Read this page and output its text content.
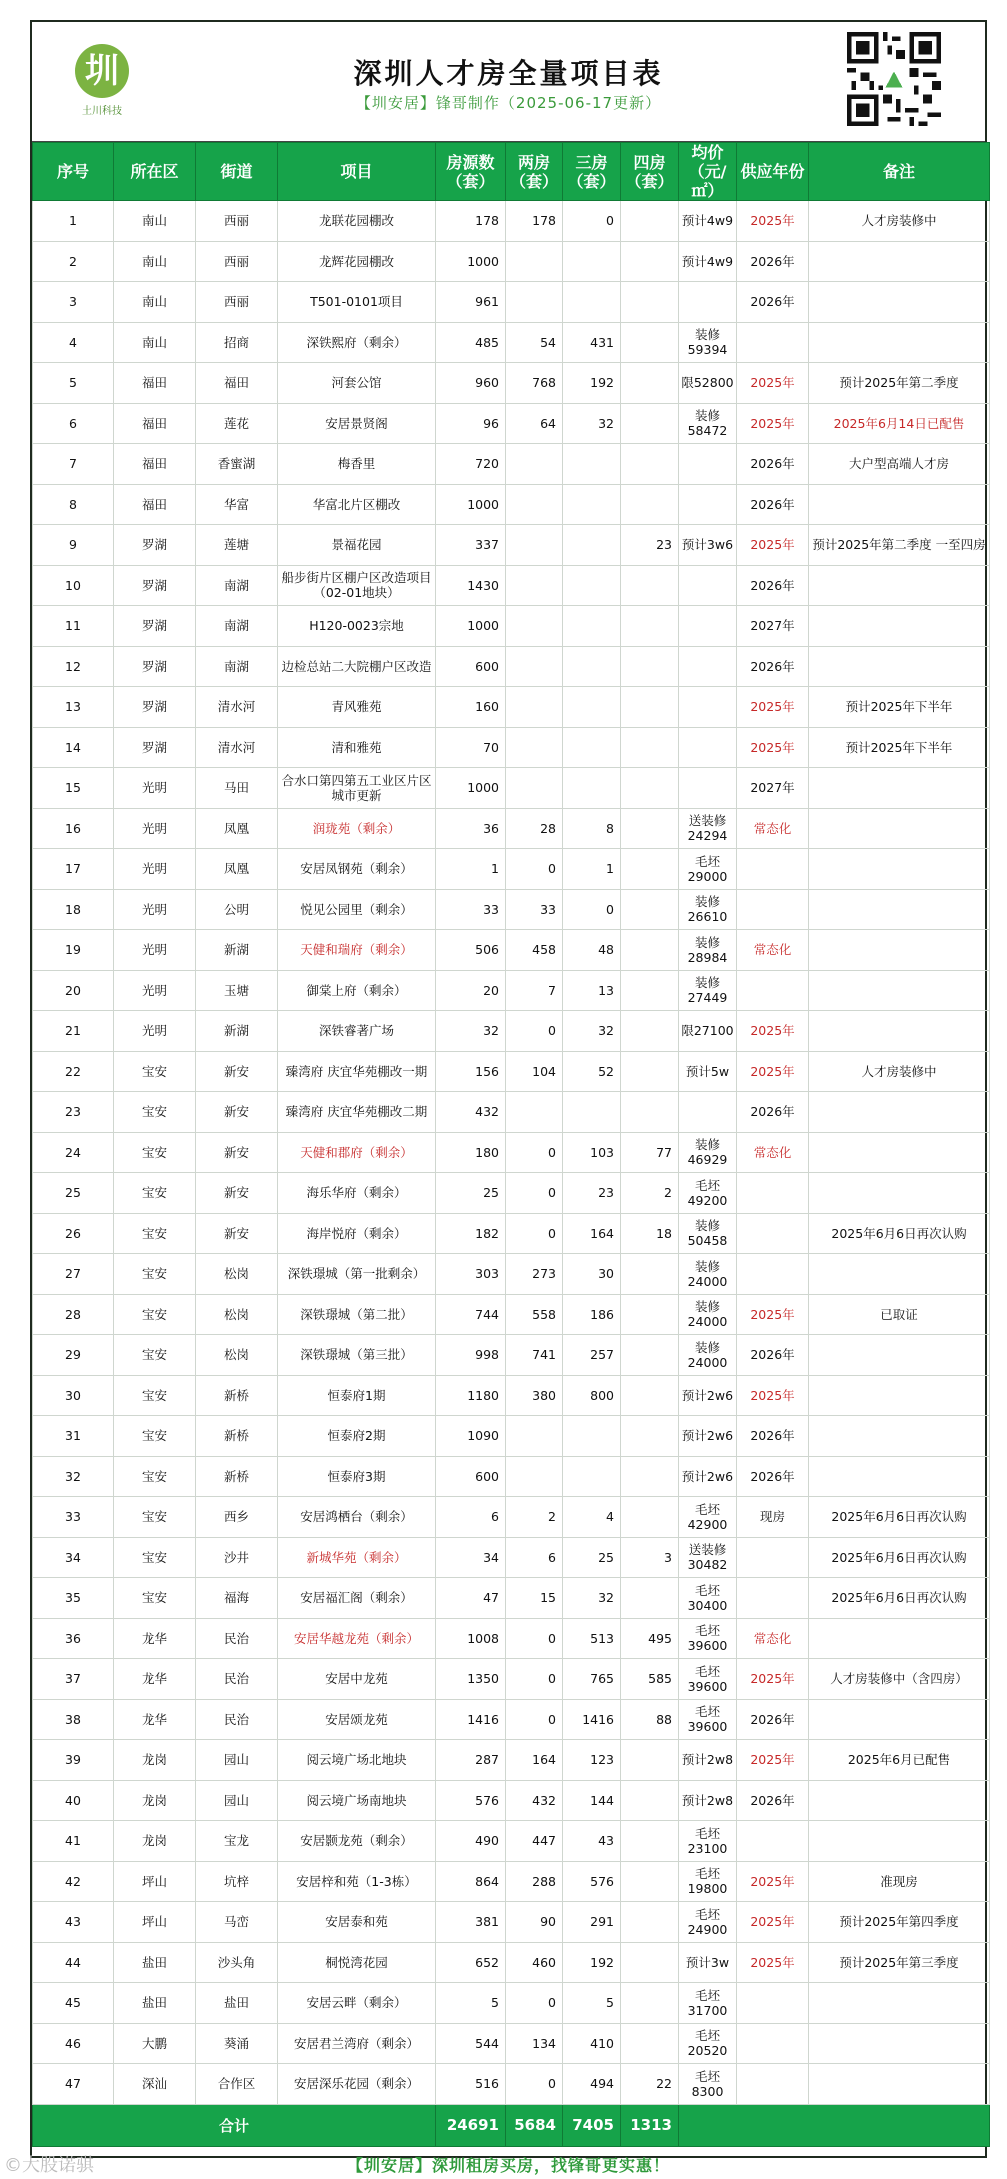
圳
土川科技
深圳人才房全量项目表
【圳安居】锋哥制作（2025-06-17更新）
序号	所在区	街道	项目	房源数（套）	两房（套）	三房（套）	四房（套）	均价（元/㎡）	供应年份	备注
1	南山	西丽	龙联花园棚改	178	178	0		预计4w9	2025年	人才房装修中
2	南山	西丽	龙辉花园棚改	1000				预计4w9	2026年	
3	南山	西丽	T501-0101项目	961					2026年	
4	南山	招商	深铁熙府（剩余）	485	54	431		装修 59394		
5	福田	福田	河套公馆	960	768	192		限52800	2025年	预计2025年第二季度
6	福田	莲花	安居景贤阁	96	64	32		装修 58472	2025年	2025年6月14日已配售
7	福田	香蜜湖	梅香里	720					2026年	大户型高端人才房
8	福田	华富	华富北片区棚改	1000					2026年	
9	罗湖	莲塘	景福花园	337			23	预计3w6	2025年	预计2025年第二季度 一至四房
10	罗湖	南湖	船步街片区棚户区改造项目（02-01地块）	1430					2026年	
11	罗湖	南湖	H120-0023宗地	1000					2027年	
12	罗湖	南湖	边检总站二大院棚户区改造	600					2026年	
13	罗湖	清水河	青风雅苑	160					2025年	预计2025年下半年
14	罗湖	清水河	清和雅苑	70					2025年	预计2025年下半年
15	光明	马田	合水口第四第五工业区片区城市更新	1000					2027年	
16	光明	凤凰	润珑苑（剩余）	36	28	8		送装修 24294	常态化	
17	光明	凤凰	安居凤钢苑（剩余）	1	0	1		毛坯 29000		
18	光明	公明	悦见公园里（剩余）	33	33	0		装修 26610		
19	光明	新湖	天健和瑞府（剩余）	506	458	48		装修 28984	常态化	
20	光明	玉塘	御棠上府（剩余）	20	7	13		装修 27449		
21	光明	新湖	深铁睿著广场	32	0	32		限27100	2025年	
22	宝安	新安	臻湾府 庆宜华苑棚改一期	156	104	52		预计5w	2025年	人才房装修中
23	宝安	新安	臻湾府 庆宜华苑棚改二期	432					2026年	
24	宝安	新安	天健和郡府（剩余）	180	0	103	77	装修 46929	常态化	
25	宝安	新安	海乐华府（剩余）	25	0	23	2	毛坯 49200		
26	宝安	新安	海岸悦府（剩余）	182	0	164	18	装修 50458		2025年6月6日再次认购
27	宝安	松岗	深铁璟城（第一批剩余）	303	273	30		装修 24000		
28	宝安	松岗	深铁璟城（第二批）	744	558	186		装修 24000	2025年	已取证
29	宝安	松岗	深铁璟城（第三批）	998	741	257		装修 24000	2026年	
30	宝安	新桥	恒泰府1期	1180	380	800		预计2w6	2025年	
31	宝安	新桥	恒泰府2期	1090				预计2w6	2026年	
32	宝安	新桥	恒泰府3期	600				预计2w6	2026年	
33	宝安	西乡	安居鸿栖台（剩余）	6	2	4		毛坯 42900	现房	2025年6月6日再次认购
34	宝安	沙井	新城华苑（剩余）	34	6	25	3	送装修 30482		2025年6月6日再次认购
35	宝安	福海	安居福汇阁（剩余）	47	15	32		毛坯 30400		2025年6月6日再次认购
36	龙华	民治	安居华越龙苑（剩余）	1008	0	513	495	毛坯 39600	常态化	
37	龙华	民治	安居中龙苑	1350	0	765	585	毛坯 39600	2025年	人才房装修中（含四房）
38	龙华	民治	安居颂龙苑	1416	0	1416	88	毛坯 39600	2026年	
39	龙岗	园山	阅云境广场北地块	287	164	123		预计2w8	2025年	2025年6月已配售
40	龙岗	园山	阅云境广场南地块	576	432	144		预计2w8	2026年	
41	龙岗	宝龙	安居颢龙苑（剩余）	490	447	43		毛坯 23100		
42	坪山	坑梓	安居梓和苑（1-3栋）	864	288	576		毛坯 19800	2025年	准现房
43	坪山	马峦	安居泰和苑	381	90	291		毛坯 24900	2025年	预计2025年第四季度
44	盐田	沙头角	桐悦湾花园	652	460	192		预计3w	2025年	预计2025年第三季度
45	盐田	盐田	安居云畔（剩余）	5	0	5		毛坯 31700		
46	大鹏	葵涌	安居君兰湾府（剩余）	544	134	410		毛坯 20520		
47	深汕	合作区	安居深乐花园（剩余）	516	0	494	22	毛坯8300		
合计				24691	5684	7405	1313			
【圳安居】深圳租房买房，找锋哥更实惠！
©大股诺骐
